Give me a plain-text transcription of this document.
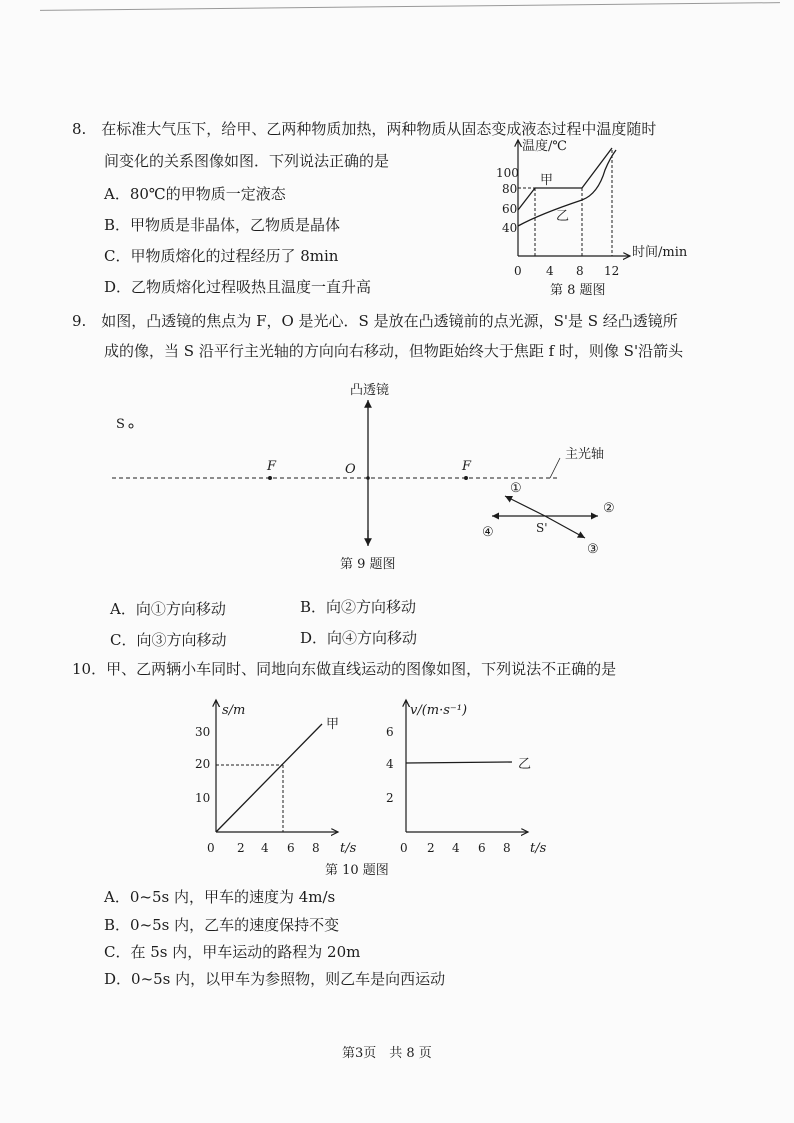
8.　在标准大气压下，给甲、乙两种物质加热，两种物质从固态变成液态过程中温度随时
间变化的关系图像如图．下列说法正确的是
A．80℃的甲物质一定液态
B．甲物质是非晶体，乙物质是晶体
C．甲物质熔化的过程经历了 8min
D．乙物质熔化过程吸热且温度一直升高
温度/℃
时间/min
100
80
60
40
0 4 8 12
甲
乙
第 8 题图
9.　如图，凸透镜的焦点为 F，O 是光心．S 是放在凸透镜前的点光源，S'是 S 经凸透镜所
成的像，当 S 沿平行主光轴的方向向右移动，但物距始终大于焦距 f 时，则像 S'沿箭头
凸透镜
主光轴
S
F	O	F
①
②
③
④	S'
第 9 题图
A．向①方向移动	B．向②方向移动
C．向③方向移动	D．向④方向移动
10．甲、乙两辆小车同时、同地向东做直线运动的图像如图，下列说法不正确的是
s/m
t/s
30
20
10
0 2 4 6 8
甲
v/(m·s⁻¹)
t/s
6
4
2
0 2 4 6 8
乙
第 10 题图
A．0~5s 内，甲车的速度为 4m/s
B．0~5s 内，乙车的速度保持不变
C．在 5s 内，甲车运动的路程为 20m
D．0~5s 内，以甲车为参照物，则乙车是向西运动
第3页　共 8 页
